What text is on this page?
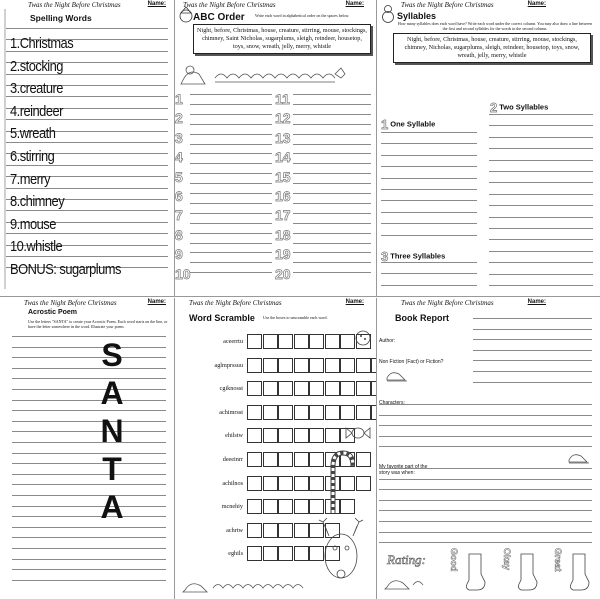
Twas the Night Before Christmas	Name:
Spelling Words
1.Christmas
2.stocking
3.creature
4.reindeer
5.wreath
6.stirring
7.merry
8.chimney
9.mouse
10.whistle
BONUS: sugarplums
Twas the Night Before Christmas	Name:
ABC Order	Write each word in alphabetical order on the spaces below.
Night, before, Christmas, house, creature, stirring, mouse, stockings, chimney, Saint Nicholas, sugarplums, sleigh, reindeer, housetop, toys, snow, wreath, jelly, merry, whistle
1
2
3
4
5
6
7
8
9
10
11
12
13
14
15
16
17
18
19
20
Twas the Night Before Christmas	Name:
Syllables
How many syllables does each word have? Write each word under the correct column. You may also draw a line between the first and second syllables for the words in the second column.
Night, before, Christmas, house, creature, stirring, mouse, stockings, chimney, Nicholas, sugarplums, sleigh, reindeer, housetop, toys, snow, wreath, jelly, merry, whistle
2 Two Syllables
1 One Syllable
3 Three Syllables
Twas the Night Before Christmas	Name:
Acrostic Poem
Use the letters "SANTA" to create your Acrostic Poem. Each word starts on the line, or have the letter somewhere in the word. Illustrate your poem.
S
A
N
T
A
Twas the Night Before Christmas	Name:
Word Scramble Use the boxes to unscramble each word.
aceerrtu
aglmprssuu
cgiknosst
achimrsst
ehilstw
deeeinrr
achilnos
mcnehiy
achrtw
eghils
Twas the Night Before Christmas	Name:
Book Report
Author:
Non Fiction (Fact) or Fiction?
Characters:
My favorite part of the story was when:
Rating:	Good	Okay	Great
